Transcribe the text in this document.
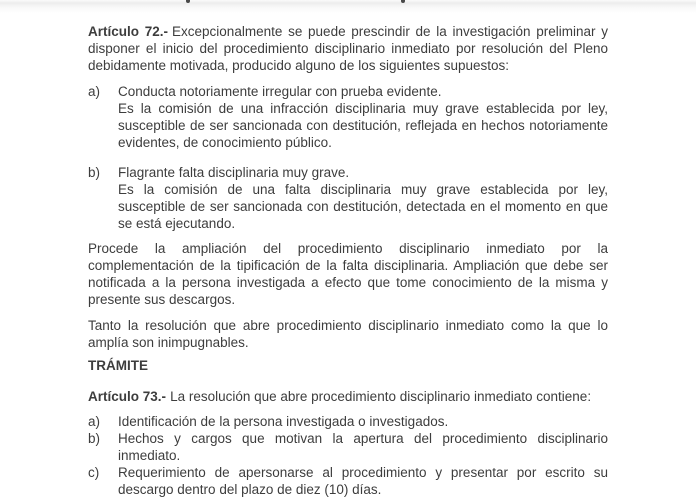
Artículo 72.- Excepcionalmente se puede prescindir de la investigación preliminar y disponer el inicio del procedimiento disciplinario inmediato por resolución del Pleno debidamente motivada, producido alguno de los siguientes supuestos:

a)	Conducta notoriamente irregular con prueba evidente.

Es la comisión de una infracción disciplinaria muy grave establecida por ley, susceptible de ser sancionada con destitución, reflejada en hechos notoriamente evidentes, de conocimiento público.

b)	Flagrante falta disciplinaria muy grave.

Es la comisión de una falta disciplinaria muy grave establecida por ley, susceptible de ser sancionada con destitución, detectada en el momento en que se está ejecutando.

Procede la ampliación del procedimiento disciplinario inmediato por la complementación de la tipificación de la falta disciplinaria. Ampliación que debe ser notificada a la persona investigada a efecto que tome conocimiento de la misma y presente sus descargos.

Tanto la resolución que abre procedimiento disciplinario inmediato como la que lo amplía son inimpugnables.

TRÁMITE

Artículo 73.- La resolución que abre procedimiento disciplinario inmediato contiene:

a)	Identificación de la persona investigada o investigados.

b)	Hechos y cargos que motivan la apertura del procedimiento disciplinario inmediato.

c)	Requerimiento de apersonarse al procedimiento y presentar por escrito su descargo dentro del plazo de diez (10) días.
